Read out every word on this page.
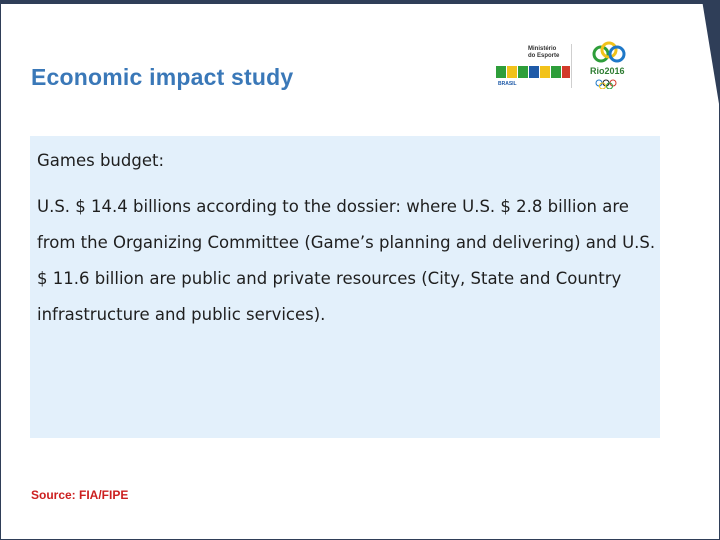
Economic impact study
Ministério
do Esporte
BRASIL
Rio2016
Games budget:
U.S. $ 14.4 billions according to the dossier: where U.S. $ 2.8 billion are from the Organizing Committee (Game’s planning and delivering) and U.S. $ 11.6 billion are public and private resources (City, State and Country infrastructure and public services).
Source: FIA/FIPE
